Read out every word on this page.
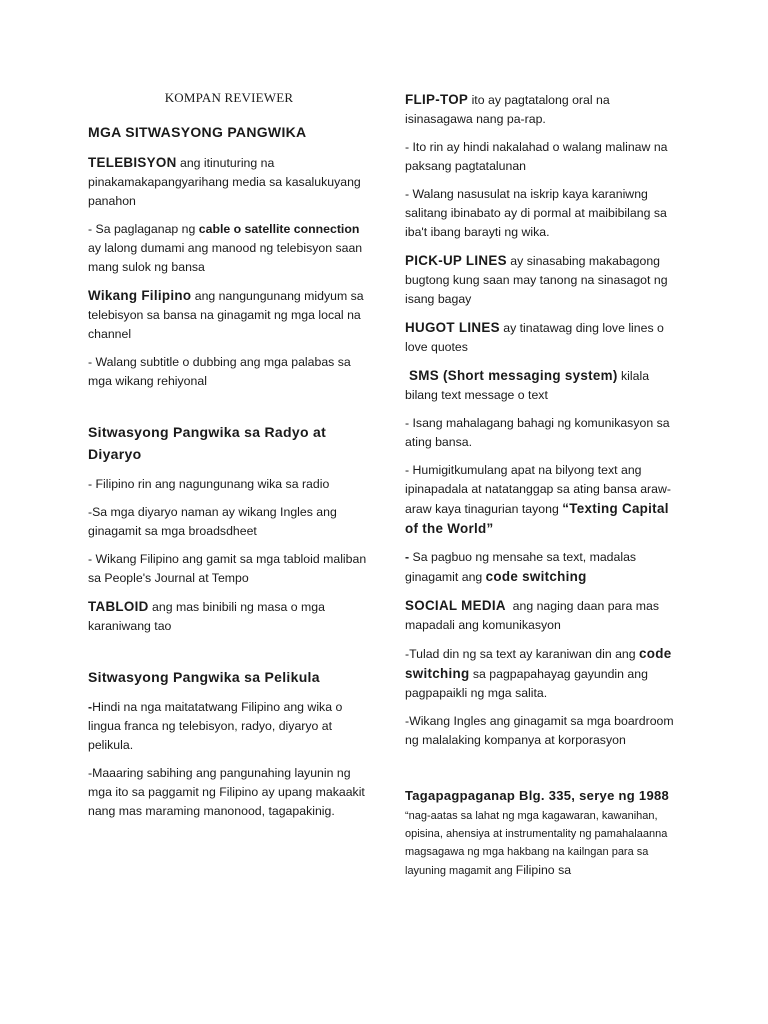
KOMPAN REVIEWER
MGA SITWASYONG PANGWIKA

TELEBISYON ang itinuturing na pinakamakapangyarihang media sa kasalukuyang panahon

- Sa paglaganap ng cable o satellite connection ay lalong dumami ang manood ng telebisyon saan mang sulok ng bansa

Wikang Filipino ang nangungunang midyum sa telebisyon sa bansa na ginagamit ng mga local na channel

- Walang subtitle o dubbing ang mga palabas sa mga wikang rehiyonal

Sitwasyong Pangwika sa Radyo at Diyaryo

- Filipino rin ang nagungunang wika sa radio

-Sa mga diyaryo naman ay wikang Ingles ang ginagamit sa mga broadsdheet

- Wikang Filipino ang gamit sa mga tabloid maliban sa People's Journal at Tempo

TABLOID ang mas binibili ng masa o mga karaniwang tao

Sitwasyong Pangwika sa Pelikula

-Hindi na nga maitatatwang Filipino ang wika o lingua franca ng telebisyon, radyo, diyaryo at pelikula.

-Maaaring sabihing ang pangunahing layunin ng mga ito sa paggamit ng Filipino ay upang makaakit nang mas maraming manonood, tagapakinig.

FLIP-TOP ito ay pagtatalong oral na isinasagawa nang pa-rap.

- Ito rin ay hindi nakalahad o walang malinaw na paksang pagtatalunan

- Walang nasusulat na iskrip kaya karaniwng salitang ibinabato ay di pormal at maibibilang sa iba't ibang barayti ng wika.

PICK-UP LINES ay sinasabing makabagong bugtong kung saan may tanong na sinasagot ng isang bagay

HUGOT LINES ay tinatawag ding love lines o love quotes

SMS (Short messaging system) kilala bilang text message o text

- Isang mahalagang bahagi ng komunikasyon sa ating bansa.

- Humigitkumulang apat na bilyong text ang ipinapadala at natatanggap sa ating bansa araw-araw kaya tinagurian tayong “Texting Capital of the World”

- Sa pagbuo ng mensahe sa text, madalas ginagamit ang code switching

SOCIAL MEDIA  ang naging daan para mas mapadali ang komunikasyon

-Tulad din ng sa text ay karaniwan din ang code switching sa pagpapahayag gayundin ang pagpapaikli ng mga salita.

-Wikang Ingles ang ginagamit sa mga boardroom ng malalaking kompanya at korporasyon

Tagapagpaganap Blg. 335, serye ng 1988 “nag-aatas sa lahat ng mga kagawaran, kawanihan, opisina, ahensiya at instrumentality ng pamahalaanna magsagawa ng mga hakbang na kailngan para sa layuning magamit ang Filipino sa
